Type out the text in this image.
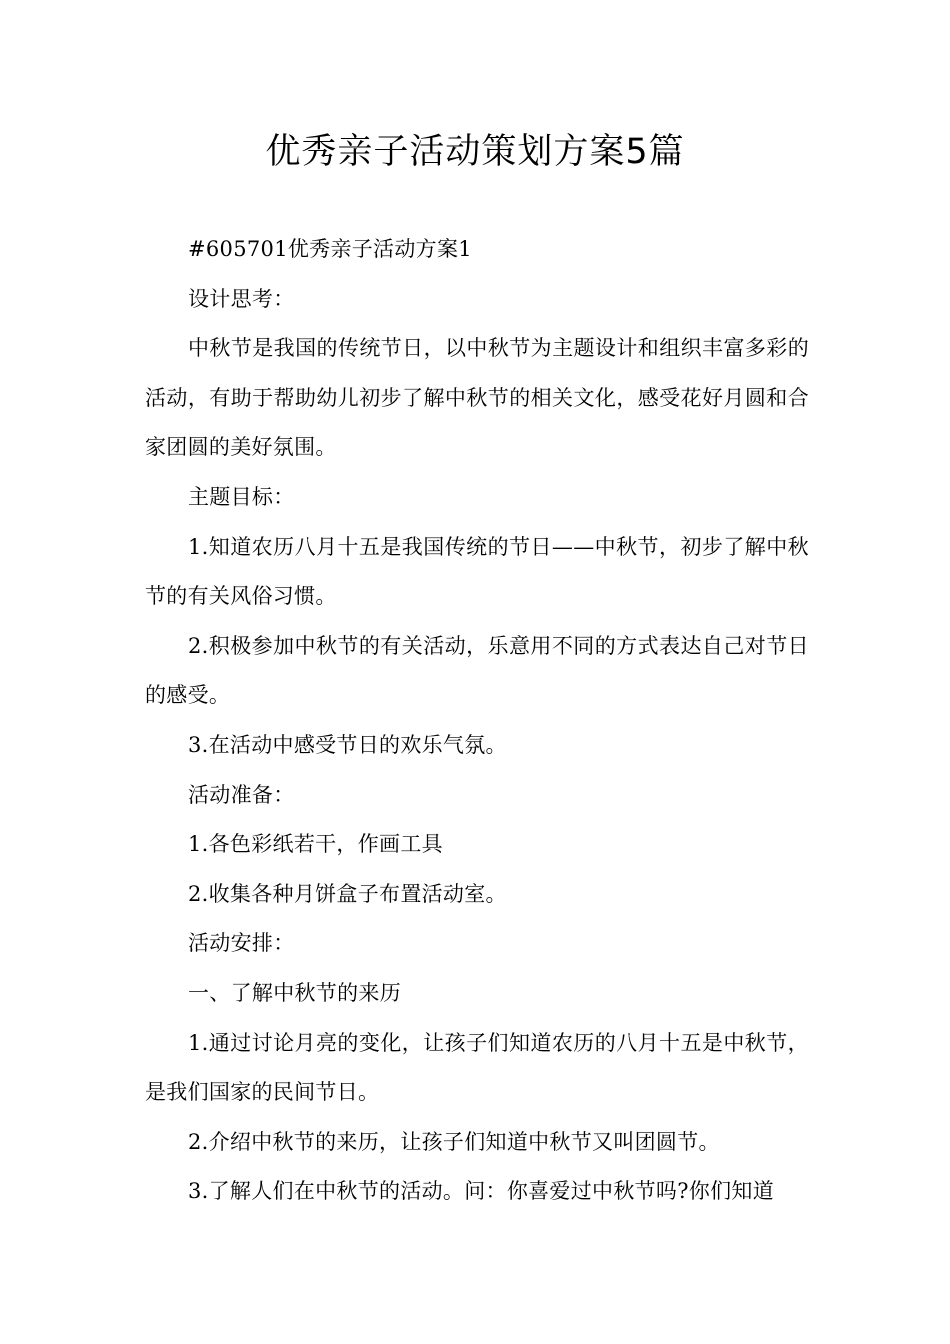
优秀亲子活动策划方案5篇

#605701优秀亲子活动方案1

设计思考：

中秋节是我国的传统节日，以中秋节为主题设计和组织丰富多彩的活动，有助于帮助幼儿初步了解中秋节的相关文化，感受花好月圆和合家团圆的美好氛围。

主题目标：

1.知道农历八月十五是我国传统的节日——中秋节，初步了解中秋节的有关风俗习惯。

2.积极参加中秋节的有关活动，乐意用不同的方式表达自己对节日的感受。

3.在活动中感受节日的欢乐气氛。

活动准备：

1.各色彩纸若干，作画工具

2.收集各种月饼盒子布置活动室。

活动安排：

一、了解中秋节的来历

1.通过讨论月亮的变化，让孩子们知道农历的八月十五是中秋节，是我们国家的民间节日。

2.介绍中秋节的来历，让孩子们知道中秋节又叫团圆节。

3.了解人们在中秋节的活动。问：你喜爱过中秋节吗?你们知道
